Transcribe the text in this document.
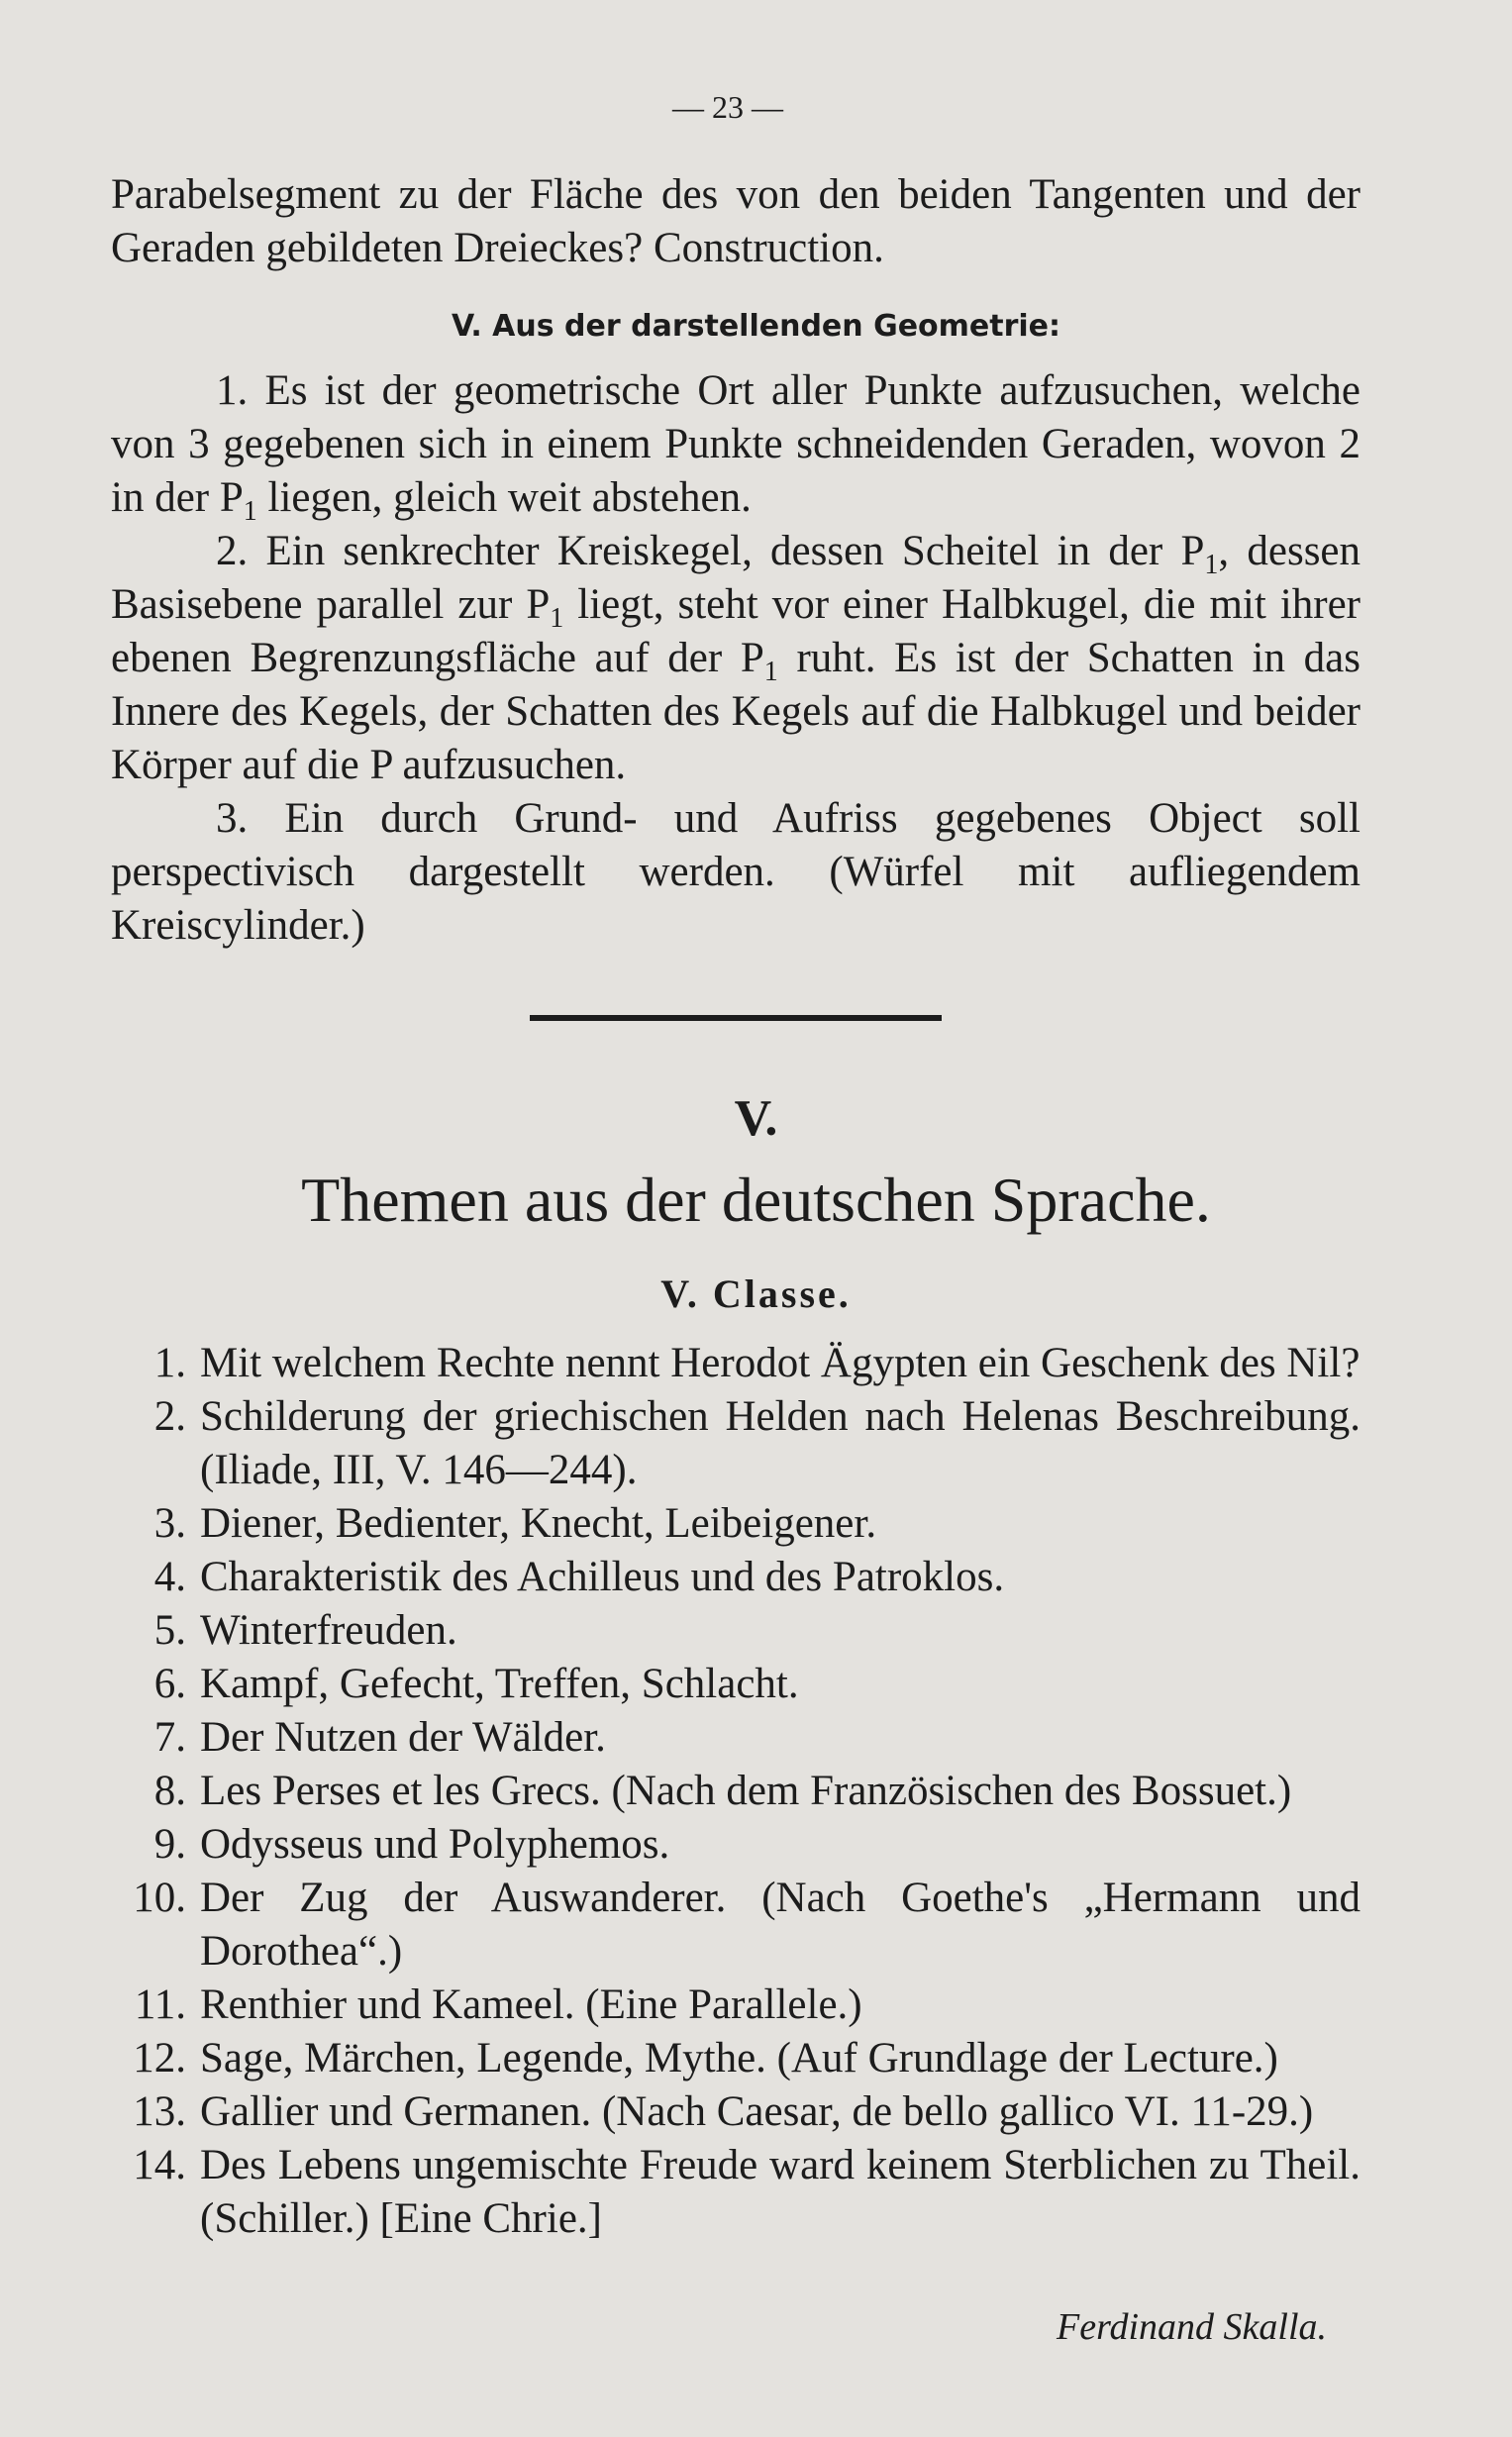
— 23 —

Parabelsegment zu der Fläche des von den beiden Tangenten und der Geraden gebildeten Dreieckes? Construction.

V. Aus der darstellenden Geometrie:

1. Es ist der geometrische Ort aller Punkte aufzusuchen, welche von 3 gegebenen sich in einem Punkte schneidenden Geraden, wovon 2 in der $P_1$ liegen, gleich weit abstehen.

2. Ein senkrechter Kreiskegel, dessen Scheitel in der $P_1$, dessen Basisebene parallel zur $P_1$ liegt, steht vor einer Halbkugel, die mit ihrer ebenen Begrenzungsfläche auf der $P_1$ ruht. Es ist der Schatten in das Innere des Kegels, der Schatten des Kegels auf die Halbkugel und beider Körper auf die P aufzusuchen.

3. Ein durch Grund- und Aufriss gegebenes Object soll perspectivisch dargestellt werden. (Würfel mit aufliegendem Kreiscylinder.)

V.
Themen aus der deutschen Sprache.
V. Classe.
1. Mit welchem Rechte nennt Herodot Ägypten ein Geschenk des Nil?
2. Schilderung der griechischen Helden nach Helenas Beschreibung. (Iliade, III, V. 146—244).
3. Diener, Bedienter, Knecht, Leibeigener.
4. Charakteristik des Achilleus und des Patroklos.
5. Winterfreuden.
6. Kampf, Gefecht, Treffen, Schlacht.
7. Der Nutzen der Wälder.
8. Les Perses et les Grecs. (Nach dem Französischen des Bossuet.)
9. Odysseus und Polyphemos.
10. Der Zug der Auswanderer. (Nach Goethe's „Hermann und Dorothea“.)
11. Renthier und Kameel. (Eine Parallele.)
12. Sage, Märchen, Legende, Mythe. (Auf Grundlage der Lecture.)
13. Gallier und Germanen. (Nach Caesar, de bello gallico VI. 11-29.)
14. Des Lebens ungemischte Freude ward keinem Sterblichen zu Theil. (Schiller.) [Eine Chrie.]
Ferdinand Skalla.
